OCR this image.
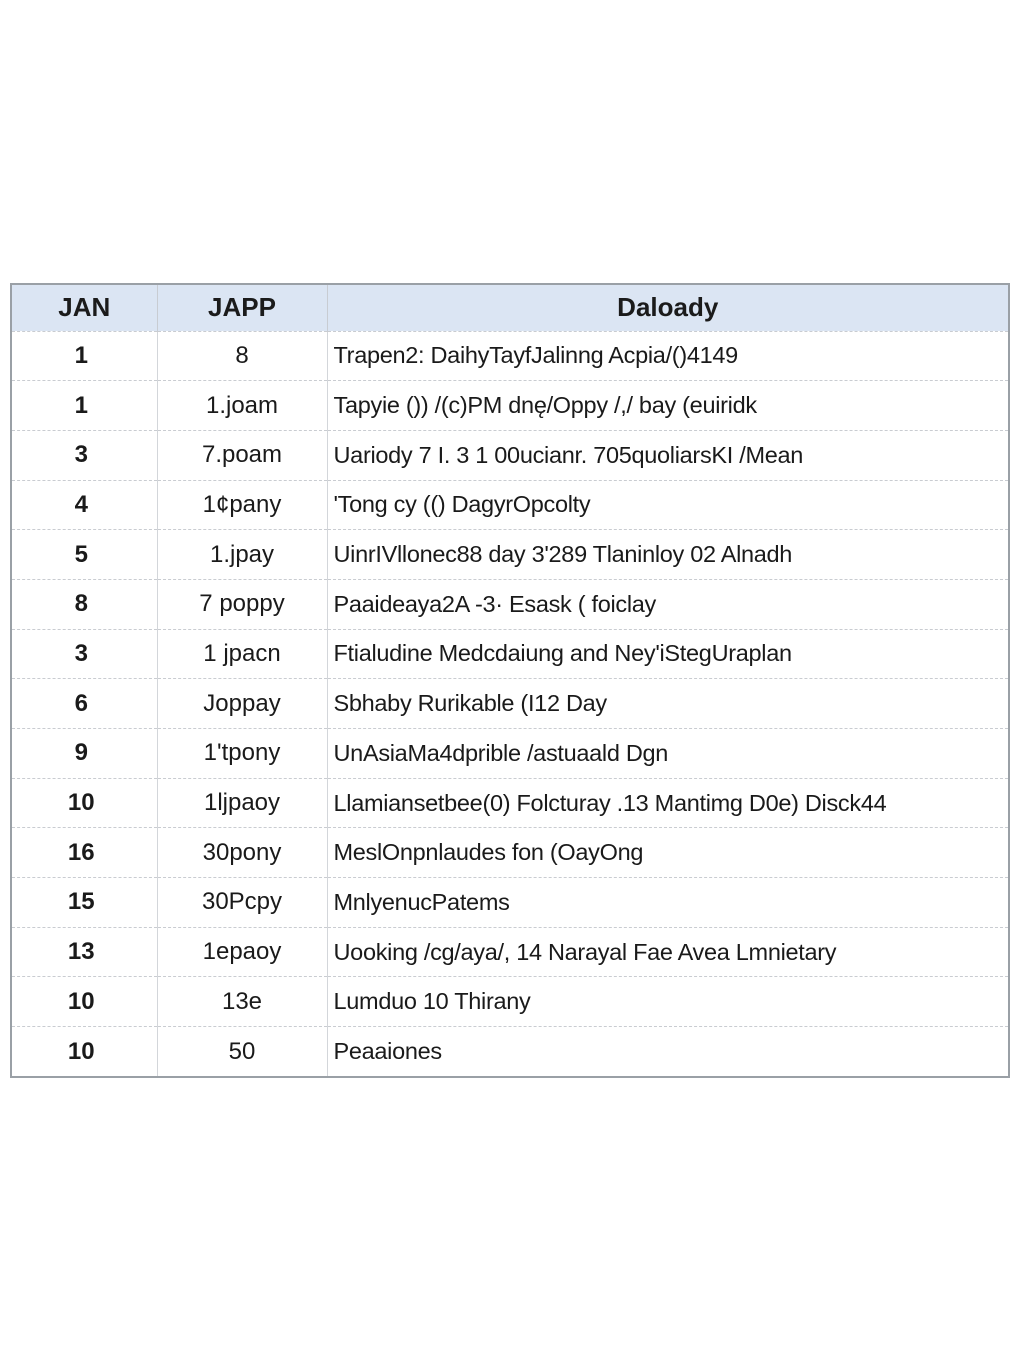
JAN	JAPP	Daloady
1	8	Trapen2: DaihyTayfJalinng Acpia/()4149
1	1.joam	Tapyie ()) /(c)PM dnę/Oppy /,/ bay (euiridk
3	7.poam	Uariody 7 I. 3 1 00ucianr. 705quoliarsKI /Mean
4	1¢pany	'Tong cy (() DagyrOpcolty
5	1.jpay	UinrIVllonec88 day 3'289 Tlaninloy 02 Alnadh
8	7 poppy	Paaideaya2A -3· Esask ( foiclay
3	1 jpacn	Ftialudine Medcdaiung and Ney'iStegUraplan
6	Joppay	Sbhaby Rurikable (I12 Day
9	1'tpony	UnAsiaMa4dprible /astuaald Dgn
10	1ljpaoy	Llamiansetbee(0) Folcturay .13 Mantimg D0e) Disck44
16	30pony	MeslOnpnlaudes fon (OayOng
15	30Pcpy	MnlyenucPatems
13	1epaoy	Uooking /cg/aya/, 14 Narayal Fae Avea Lmnietary
10	13e	Lumduo 10 Thirany
10	50	Peaaiones
